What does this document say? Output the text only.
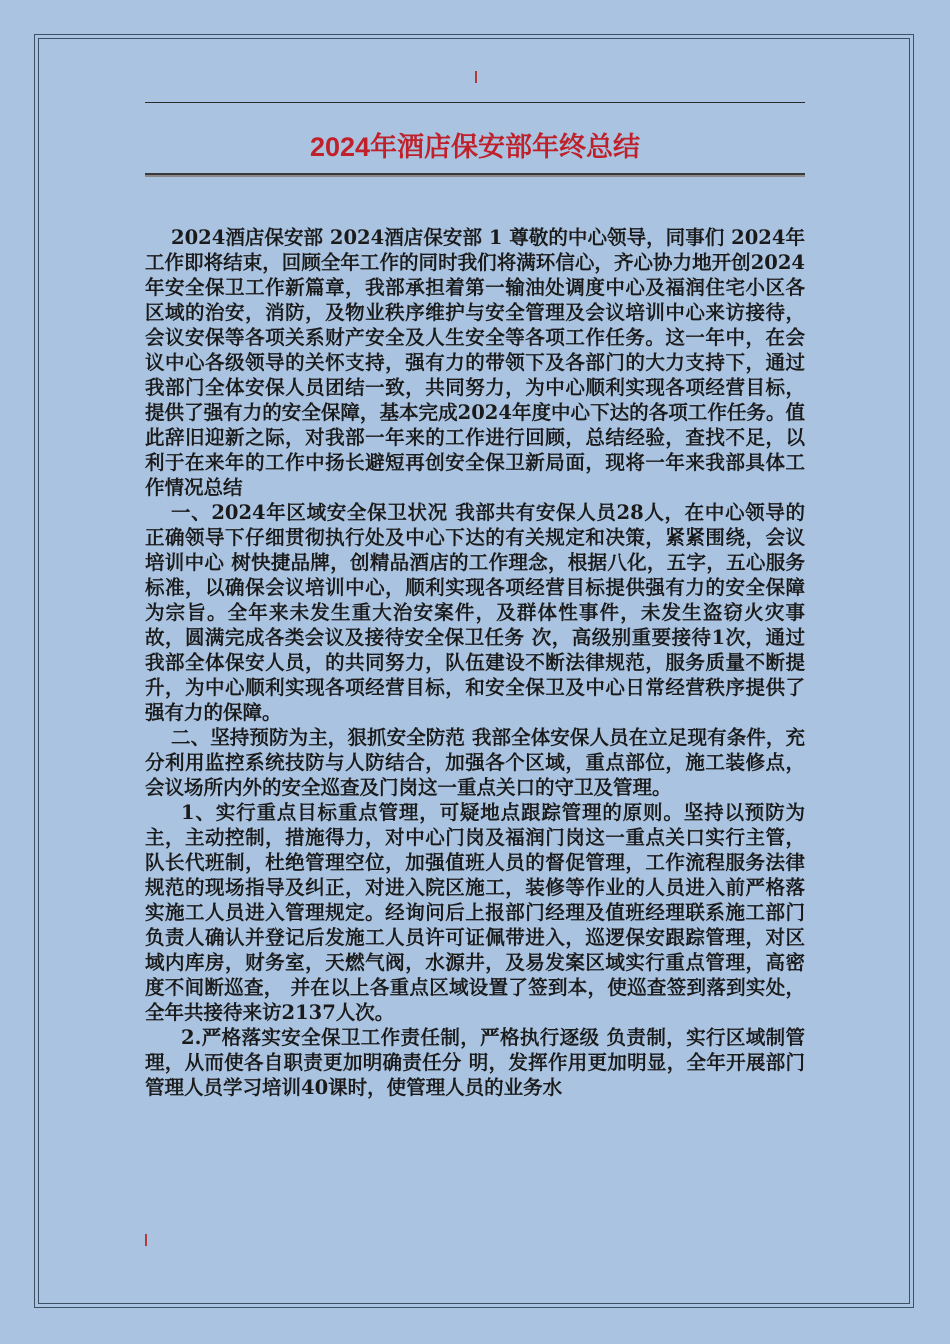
2024年酒店保安部年终总结

2024酒店保安部 2024酒店保安部 1 尊敬的中心领导，同事们 2024年工作即将结束，回顾全年工作的同时我们将满环信心，齐心协力地开创2024年安全保卫工作新篇章，我部承担着第一输油处调度中心及福润住宅小区各区域的治安，消防，及物业秩序维护与安全管理及会议培训中心来访接待，会议安保等各项关系财产安全及人生安全等各项工作任务。这一年中，在会议中心各级领导的关怀支持，强有力的带领下及各部门的大力支持下，通过我部门全体安保人员团结一致，共同努力，为中心顺利实现各项经营目标，提供了强有力的安全保障，基本完成2024年度中心下达的各项工作任务。值此辞旧迎新之际，对我部一年来的工作进行回顾，总结经验，查找不足，以利于在来年的工作中扬长避短再创安全保卫新局面，现将一年来我部具体工作情况总结

一、2024年区域安全保卫状况 我部共有安保人员28人，在中心领导的正确领导下仔细贯彻执行处及中心下达的有关规定和决策，紧紧围绕，会议培训中心 树快捷品牌，创精品酒店的工作理念，根据八化，五字，五心服务标准，以确保会议培训中心，顺利实现各项经营目标提供强有力的安全保障 为宗旨。全年来未发生重大治安案件，及群体性事件，未发生盗窃火灾事故，圆满完成各类会议及接待安全保卫任务 次，高级别重要接待1次，通过我部全体保安人员，的共同努力，队伍建设不断法律规范，服务质量不断提升，为中心顺利实现各项经营目标，和安全保卫及中心日常经营秩序提供了强有力的保障。

二、坚持预防为主，狠抓安全防范 我部全体安保人员在立足现有条件，充分利用监控系统技防与人防结合，加强各个区域，重点部位，施工装修点，会议场所内外的安全巡查及门岗这一重点关口的守卫及管理。

1、实行重点目标重点管理，可疑地点跟踪管理的原则。坚持以预防为主，主动控制，措施得力，对中心门岗及福润门岗这一重点关口实行主管，队长代班制，杜绝管理空位，加强值班人员的督促管理，工作流程服务法律规范的现场指导及纠正，对进入院区施工，装修等作业的人员进入前严格落实施工人员进入管理规定。经询问后上报部门经理及值班经理联系施工部门负责人确认并登记后发施工人员许可证佩带进入，巡逻保安跟踪管理，对区域内库房，财务室，天燃气阀，水源井，及易发案区域实行重点管理，高密度不间断巡查， 并在以上各重点区域设置了签到本，使巡查签到落到实处，全年共接待来访2137人次。

2.严格落实安全保卫工作责任制，严格执行逐级 负责制，实行区域制管理，从而使各自职责更加明确责任分 明，发挥作用更加明显，全年开展部门管理人员学习培训40课时，使管理人员的业务水
